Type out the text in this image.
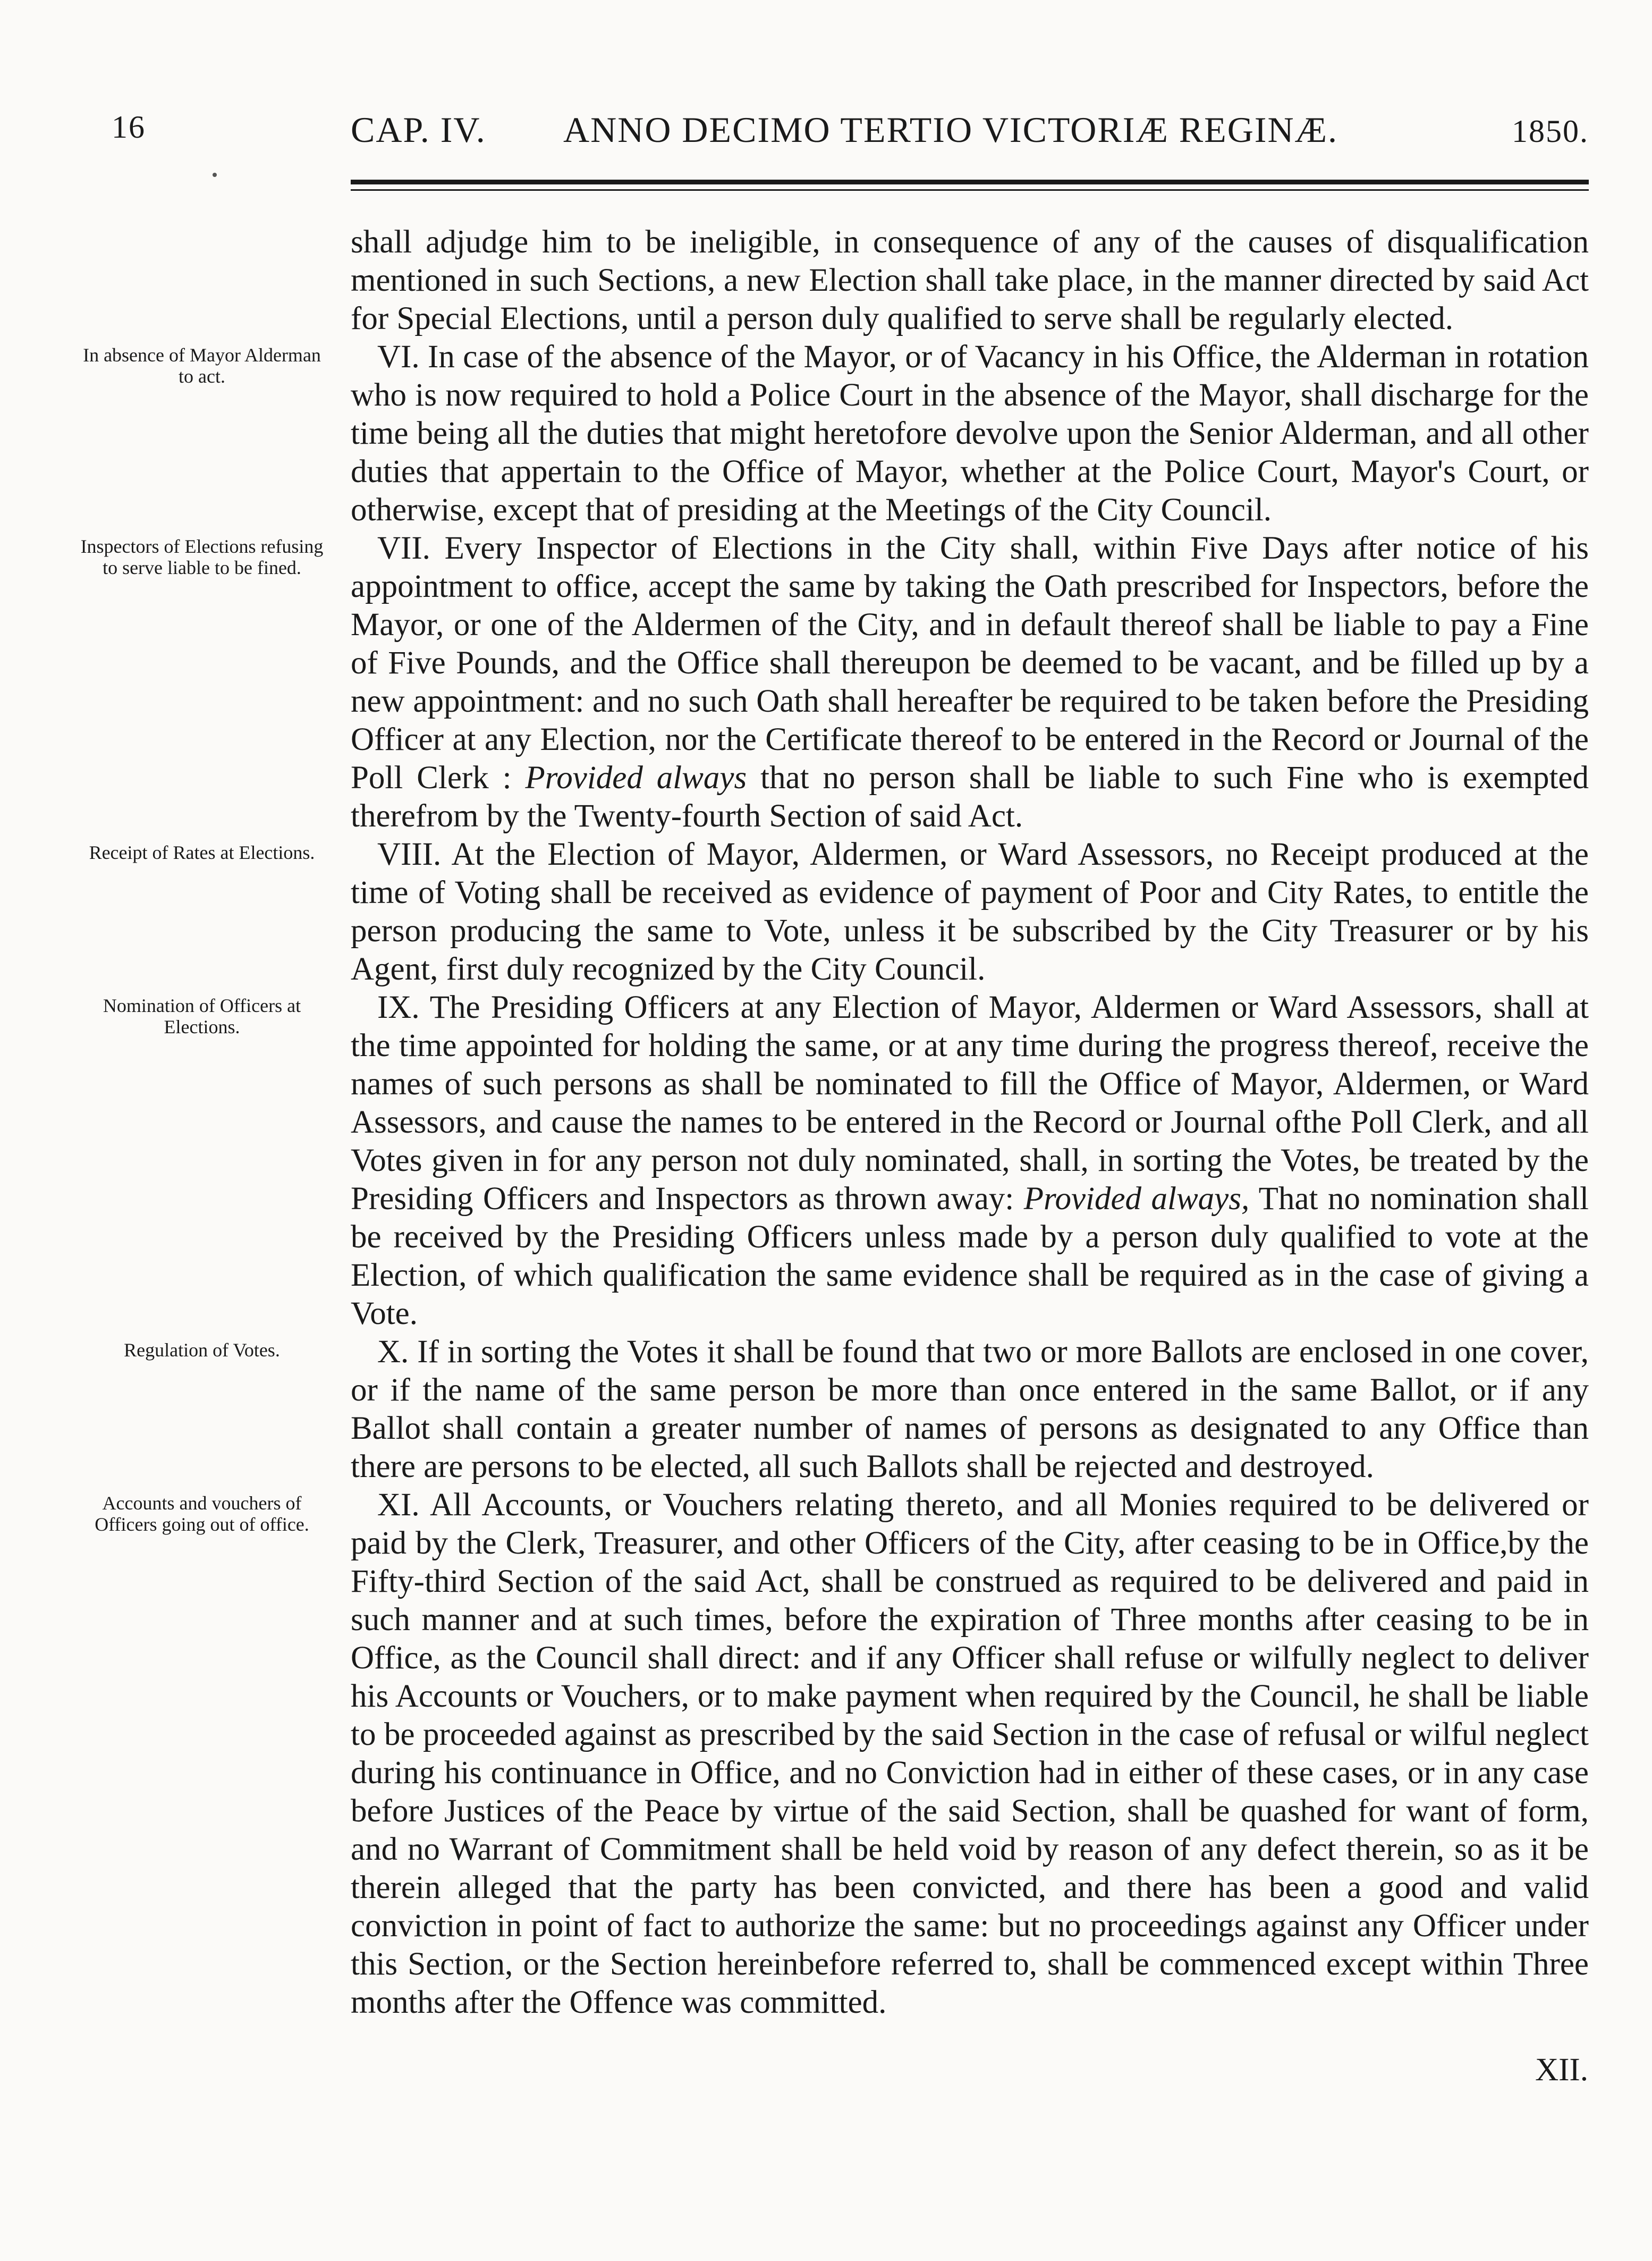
16	CAP. IV. ANNO DECIMO TERTIO VICTORIÆ REGINÆ.	1850.
shall adjudge him to be ineligible, in consequence of any of the causes of disqualification mentioned in such Sections, a new Election shall take place, in the manner directed by said Act for Special Elections, until a person duly qualified to serve shall be regularly elected.
In absence of Mayor Alderman to act.
VI. In case of the absence of the Mayor, or of Vacancy in his Office, the Alderman in rotation who is now required to hold a Police Court in the absence of the Mayor, shall discharge for the time being all the duties that might heretofore devolve upon the Senior Alderman, and all other duties that appertain to the Office of Mayor, whether at the Police Court, Mayor's Court, or otherwise, except that of presiding at the Meetings of the City Council.
Inspectors of Elections refusing to serve liable to be fined.
VII. Every Inspector of Elections in the City shall, within Five Days after notice of his appointment to office, accept the same by taking the Oath prescribed for Inspectors, before the Mayor, or one of the Aldermen of the City, and in default thereof shall be liable to pay a Fine of Five Pounds, and the Office shall thereupon be deemed to be vacant, and be filled up by a new appointment: and no such Oath shall hereafter be required to be taken before the Presiding Officer at any Election, nor the Certificate thereof to be entered in the Record or Journal of the Poll Clerk : Provided always that no person shall be liable to such Fine who is exempted therefrom by the Twenty-fourth Section of said Act.
Receipt of Rates at Elections.	VIII. At the Election of Mayor, Aldermen, or Ward Assessors, no Receipt produced at the time of Voting shall be received as evidence of payment of Poor and City Rates, to entitle the person producing the same to Vote, unless it be subscribed by the City Treasurer or by his Agent, first duly recognized by the City Council.
Nomination of Officers at Elections.
IX. The Presiding Officers at any Election of Mayor, Aldermen or Ward Assessors, shall at the time appointed for holding the same, or at any time during the progress thereof, receive the names of such persons as shall be nominated to fill the Office of Mayor, Aldermen, or Ward Assessors, and cause the names to be entered in the Record or Journal ofthe Poll Clerk, and all Votes given in for any person not duly nominated, shall, in sorting the Votes, be treated by the Presiding Officers and Inspectors as thrown away: Provided always, That no nomination shall be received by the Presiding Officers unless made by a person duly qualified to vote at the Election, of which qualification the same evidence shall be required as in the case of giving a Vote.
Regulation of Votes.	X. If in sorting the Votes it shall be found that two or more Ballots are enclosed in one cover, or if the name of the same person be more than once entered in the same Ballot, or if any Ballot shall contain a greater number of names of persons as designated to any Office than there are persons to be elected, all such Ballots shall be rejected and destroyed.
Accounts and vouchers of Officers going out of office.
XI. All Accounts, or Vouchers relating thereto, and all Monies required to be delivered or paid by the Clerk, Treasurer, and other Officers of the City, after ceasing to be in Office,by the Fifty-third Section of the said Act, shall be construed as required to be delivered and paid in such manner and at such times, before the expiration of Three months after ceasing to be in Office, as the Council shall direct: and if any Officer shall refuse or wilfully neglect to deliver his Accounts or Vouchers, or to make payment when required by the Council, he shall be liable to be proceeded against as prescribed by the said Section in the case of refusal or wilful neglect during his continuance in Office, and no Conviction had in either of these cases, or in any case before Justices of the Peace by virtue of the said Section, shall be quashed for want of form, and no Warrant of Commitment shall be held void by reason of any defect therein, so as it be therein alleged that the party has been convicted, and there has been a good and valid conviction in point of fact to authorize the same: but no proceedings against any Officer under this Section, or the Section hereinbefore referred to, shall be commenced except within Three months after the Offence was committed.
XII.
